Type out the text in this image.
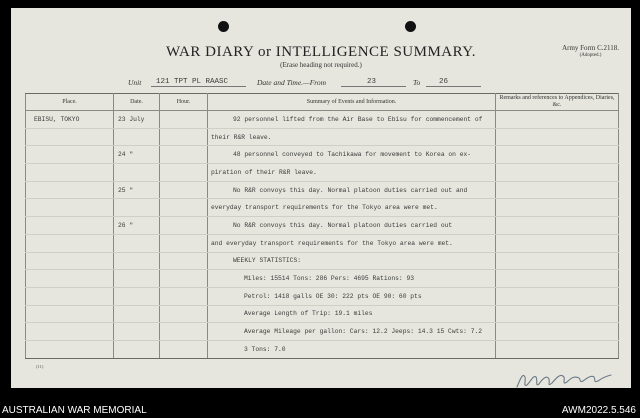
WAR DIARY or INTELLIGENCE SUMMARY.
(Erase heading not required.)
Army Form C.2118.
(Adopted.)
Unit 121 TPT PL RAASC	Date and Time.—From	23	To	26
Place.	Date.	Hour.	Summary of Events and Information.	Remarks and references to Appendices, Diaries, &c.
EBISU, TOKYO	23 July		92 personnel lifted from the Air Base to Ebisu for commencement of	
			their R&R leave.	
	24 "		48 personnel conveyed to Tachikawa for movement to Korea on ex-	
			piration of their R&R leave.	
	25 "		No R&R convoys this day. Normal platoon duties carried out and	
			everyday transport requirements for the Tokyo area were met.	
	26 "		No R&R convoys this day. Normal platoon duties carried out	
			and everyday transport requirements for the Tokyo area were met.	
			WEEKLY STATISTICS:	
			Miles: 15514 Tons: 286 Pers: 4695 Rations: 93	
			Petrol: 1418 galls OE 30: 222 pts OE 90: 60 pts	
			Average Length of Trip: 19.1 miles	
			Average Mileage per gallon: Cars: 12.2 Jeeps: 14.3 15 Cwts: 7.2	
			3 Tons: 7.0	
(11)
AUSTRALIAN WAR MEMORIAL	AWM2022.5.546
